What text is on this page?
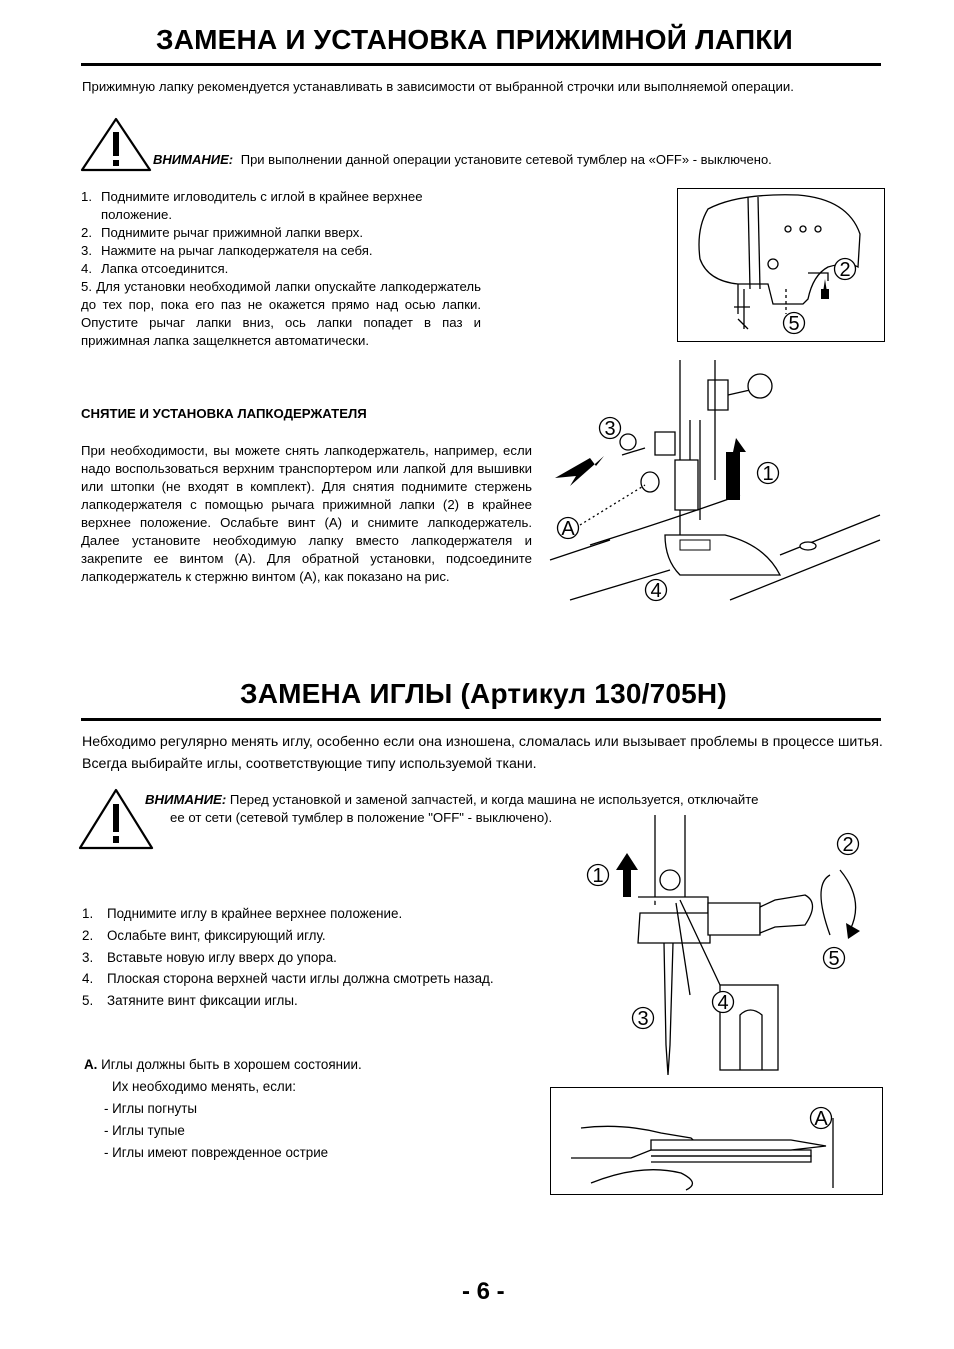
ЗАМЕНА И УСТАНОВКА ПРИЖИМНОЙ ЛАПКИ
Прижимную лапку рекомендуется устанавливать в зависимости от выбранной строчки или выполняемой операции.
ВНИМАНИЕ: При выполнении данной операции установите сетевой тумблер на «OFF» - выключено.
1. Поднимите игловодитель с иглой в крайнее верхнее положение.
2. Поднимите рычаг прижимной лапки вверх.
3. Нажмите на рычаг лапкодержателя на себя.
4. Лапка отсоединится.
5. Для установки необходимой лапки опускайте лапкодержатель до тех пор, пока его паз не окажется прямо над осью лапки. Опустите рычаг лапки вниз, ось лапки попадет в паз и прижимная лапка защелкнется автоматически.
СНЯТИЕ И УСТАНОВКА ЛАПКОДЕРЖАТЕЛЯ
При необходимости, вы можете снять лапкодержатель, например, если надо воспользоваться верхним транспортером или лапкой для вышивки или штопки (не входят в комплект). Для снятия поднимите стержень лапкодержателя с помощью рычага прижимной лапки (2) в крайнее верхнее положение. Ослабьте винт (А) и снимите лапкодержатель. Далее установите необходимую лапку вместо лапкодержателя и закрепите ее винтом (А). Для обратной установки, подсоедините лапкодержатель к стержню винтом (А), как показано на рис.
2
5
3
1
A
4
ЗАМЕНА ИГЛЫ (Артикул 130/705H)
Небходимо регулярно менять иглу, особенно если она изношена, сломалась или вызывает проблемы в процессе шитья. Всегда выбирайте иглы, соответствующие типу используемой ткани.
ВНИМАНИЕ: Перед установкой и заменой запчастей, и когда машина не используется, отключайте
ее от сети (сетевой тумблер в положение "OFF" - выключено).
1. Поднимите иглу в крайнее верхнее положение.
2. Ослабьте винт, фиксирующий иглу.
3. Вставьте новую иглу вверх до упора.
4. Плоская сторона верхней части иглы должна смотреть назад.
5. Затяните винт фиксации иглы.
A. Иглы должны быть в хорошем состоянии.
Их необходимо менять, если:
- Иглы погнуты
- Иглы тупые
- Иглы имеют поврежденное острие
1
2
5
4
3
A
- 6 -
